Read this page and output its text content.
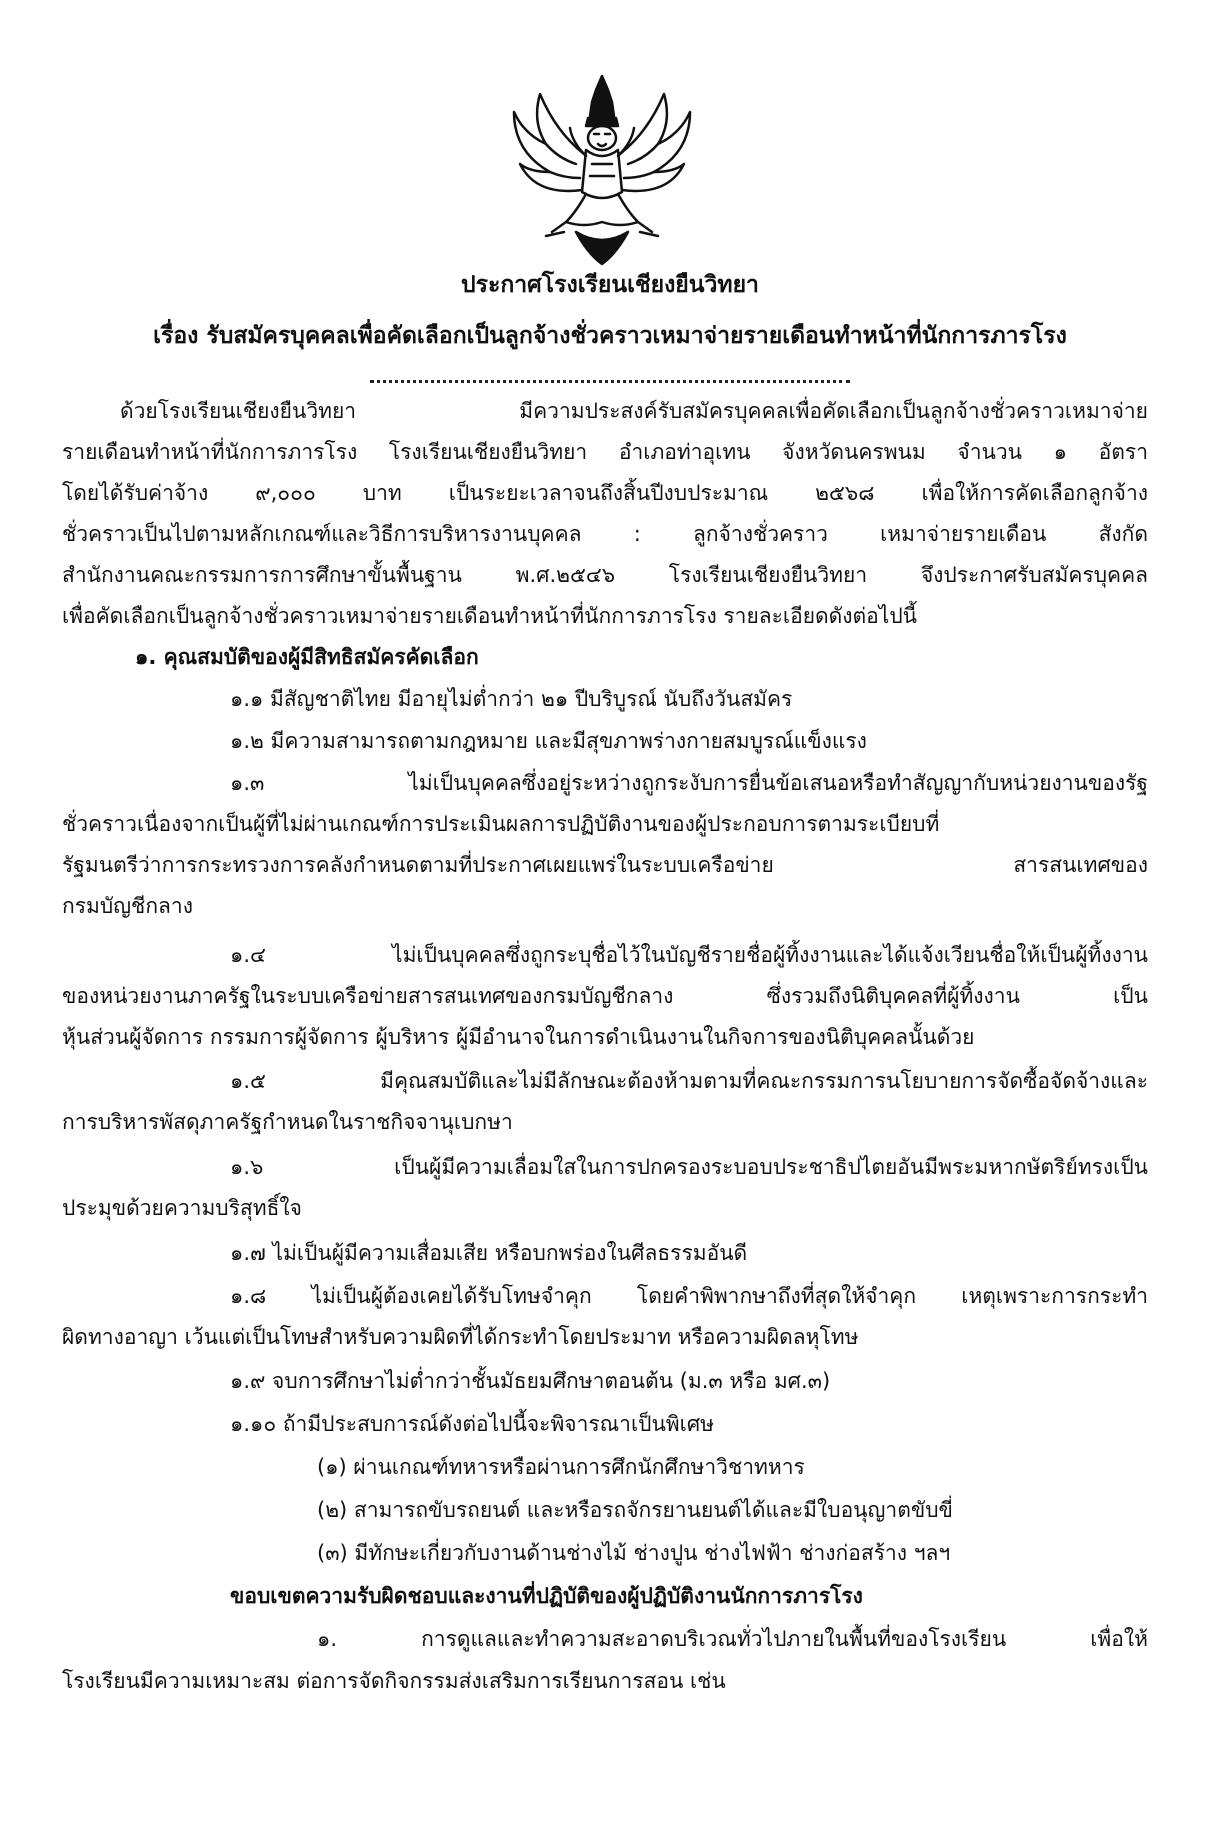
ประกาศโรงเรียนเชียงยืนวิทยา
เรื่อง รับสมัครบุคคลเพื่อคัดเลือกเป็นลูกจ้างชั่วคราวเหมาจ่ายรายเดือนทำหน้าที่นักการภารโรง
ด้วยโรงเรียนเชียงยืนวิทยา มีความประสงค์รับสมัครบุคคลเพื่อคัดเลือกเป็นลูกจ้างชั่วคราวเหมาจ่าย
รายเดือนทำหน้าที่นักการภารโรง โรงเรียนเชียงยืนวิทยา อำเภอท่าอุเทน จังหวัดนครพนม จำนวน ๑ อัตรา
โดยได้รับค่าจ้าง ๙,๐๐๐ บาท เป็นระยะเวลาจนถึงสิ้นปีงบประมาณ ๒๕๖๘ เพื่อให้การคัดเลือกลูกจ้าง
ชั่วคราวเป็นไปตามหลักเกณฑ์และวิธีการบริหารงานบุคคล : ลูกจ้างชั่วคราว เหมาจ่ายรายเดือน สังกัด
สำนักงานคณะกรรมการการศึกษาขั้นพื้นฐาน พ.ศ.๒๕๔๖ โรงเรียนเชียงยืนวิทยา จึงประกาศรับสมัครบุคคล
เพื่อคัดเลือกเป็นลูกจ้างชั่วคราวเหมาจ่ายรายเดือนทำหน้าที่นักการภารโรง รายละเอียดดังต่อไปนี้
๑. คุณสมบัติของผู้มีสิทธิสมัครคัดเลือก
๑.๑ มีสัญชาติไทย มีอายุไม่ต่ำกว่า ๒๑ ปีบริบูรณ์ นับถึงวันสมัคร
๑.๒ มีความสามารถตามกฎหมาย และมีสุขภาพร่างกายสมบูรณ์แข็งแรง
๑.๓ ไม่เป็นบุคคลซึ่งอยู่ระหว่างถูกระงับการยื่นข้อเสนอหรือทำสัญญากับหน่วยงานของรัฐ
ชั่วคราวเนื่องจากเป็นผู้ที่ไม่ผ่านเกณฑ์การประเมินผลการปฏิบัติงานของผู้ประกอบการตามระเบียบที่
รัฐมนตรีว่าการกระทรวงการคลังกำหนดตามที่ประกาศเผยแพร่ในระบบเครือข่าย สารสนเทศของ
กรมบัญชีกลาง
๑.๔ ไม่เป็นบุคคลซึ่งถูกระบุชื่อไว้ในบัญชีรายชื่อผู้ทิ้งงานและได้แจ้งเวียนชื่อให้เป็นผู้ทิ้งงาน
ของหน่วยงานภาครัฐในระบบเครือข่ายสารสนเทศของกรมบัญชีกลาง ซึ่งรวมถึงนิติบุคคลที่ผู้ทิ้งงาน เป็น
หุ้นส่วนผู้จัดการ กรรมการผู้จัดการ ผู้บริหาร ผู้มีอำนาจในการดำเนินงานในกิจการของนิติบุคคลนั้นด้วย
๑.๕ มีคุณสมบัติและไม่มีลักษณะต้องห้ามตามที่คณะกรรมการนโยบายการจัดซื้อจัดจ้างและ
การบริหารพัสดุภาครัฐกำหนดในราชกิจจานุเบกษา
๑.๖ เป็นผู้มีความเลื่อมใสในการปกครองระบอบประชาธิปไตยอันมีพระมหากษัตริย์ทรงเป็น
ประมุขด้วยความบริสุทธิ์ใจ
๑.๗ ไม่เป็นผู้มีความเสื่อมเสีย หรือบกพร่องในศีลธรรมอันดี
๑.๘ ไม่เป็นผู้ต้องเคยได้รับโทษจำคุก โดยคำพิพากษาถึงที่สุดให้จำคุก เหตุเพราะการกระทำ
ผิดทางอาญา เว้นแต่เป็นโทษสำหรับความผิดที่ได้กระทำโดยประมาท หรือความผิดลหุโทษ
๑.๙ จบการศึกษาไม่ต่ำกว่าชั้นมัธยมศึกษาตอนต้น (ม.๓ หรือ มศ.๓)
๑.๑๐ ถ้ามีประสบการณ์ดังต่อไปนี้จะพิจารณาเป็นพิเศษ
(๑) ผ่านเกณฑ์ทหารหรือผ่านการศึกนักศึกษาวิชาทหาร
(๒) สามารถขับรถยนต์ และหรือรถจักรยานยนต์ได้และมีใบอนุญาตขับขี่
(๓) มีทักษะเกี่ยวกับงานด้านช่างไม้ ช่างปูน ช่างไฟฟ้า ช่างก่อสร้าง ฯลฯ
ขอบเขตความรับผิดชอบและงานที่ปฏิบัติของผู้ปฏิบัติงานนักการภารโรง
๑. การดูแลและทำความสะอาดบริเวณทั่วไปภายในพื้นที่ของโรงเรียน เพื่อให้
โรงเรียนมีความเหมาะสม ต่อการจัดกิจกรรมส่งเสริมการเรียนการสอน เช่น
